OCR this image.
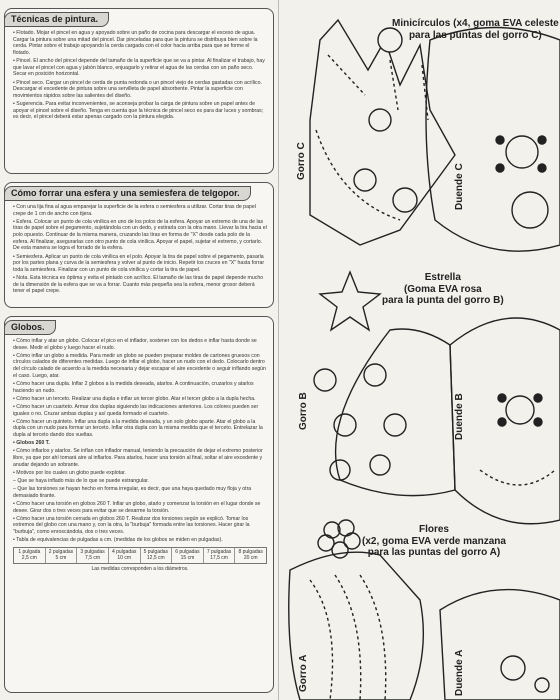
Técnicas de pintura.

• Flotado. Mojar el pincel en agua y apoyado sobre un paño de cocina para descargar el exceso de agua. Cargar la pintura sobre una mitad del pincel. Dar pinceladas para que la pintura se distribuya bien sobre la cerda. Pintar sobre el trabajo apoyando la cerda cargada con el color hacia arriba para que se forme el flotado.

• Pincel. El ancho del pincel depende del tamaño de la superficie que se va a pintar. Al finalizar el trabajo, hay que lavar el pincel con agua y jabón blanco, enjuagarlo y retirar el agua de las cerdas con un paño seco. Secar en posición horizontal.

• Pincel seco. Cargar un pincel de cerda de punta redonda o un pincel viejo de cerdas gastadas con acrílico. Descargar el excedente de pintura sobre una servilleta de papel absorbente. Pintar la superficie con movimientos rápidos sobre las salientes del diseño.

• Sugerencia. Para evitar inconvenientes, se aconseja probar la carga de pintura sobre un papel antes de apoyar el pincel sobre el diseño. Tenga en cuenta que la técnica de pincel seco es para dar luces y sombras; es decir, el pincel deberá estar apenas cargado con la pintura elegida.

Cómo forrar una esfera y una semiesfera de telgopor.

• Con una lija fina al agua emparejar la superficie de la esfera o semiesfera a utilizar. Cortar tiras de papel crepe de 1 cm de ancho con tijera.

• Esfera. Colocar un punto de cola vinílica en uno de los polos de la esfera. Apoyar un extremo de una de las tiras de papel sobre el pegamento, sujetándola con un dedo, y estirarla con la otra mano. Llevar la tira hacia el polo opuesto. Continuar de la misma manera, cruzando las tiras en forma de "X" desde cada polo de la esfera. Al finalizar, asegurarlas con otro punto de cola vinílica. Apoyar el papel, sujetar el extremo, y cortarlo. De esta manera se logra el forrado de la esfera.

• Semiesfera. Aplicar un punto de cola vinílica en el polo. Apoyar la tira de papel sobre el pegamento, pasarla por los partes plana y curva de la semiesfera y volver al punto de inicio. Repetir los cruces en "X" hasta forrar toda la semiesfera. Finalizar con un punto de cola vinílica y cortar la tira de papel.

• Nota. Esta técnica es óptima y evita el pintado con acrílico. El tamaño de las tiras de papel depende mucho de la dimensión de la esfera que se va a forrar. Cuanto más pequeña sea la esfera, menor grosor deberá tener el papel crepe.

Globos.

• Cómo inflar y atar un globo. Colocar el pico en el inflador, sostener con los dedos e inflar hasta donde se desee. Medir el globo y luego hacer el nudo.

• Cómo inflar un globo a medida. Para medir un globo se pueden preparar moldes de cartones gruesos con círculos calados de diferentes medidas. Luego de inflar el globo, hacer un nudo con el dedo. Colocarlo dentro del círculo calado de acuerdo a la medida necesaria y dejar escapar el aire excedente o seguir inflando según el caso. Luego, atar.

• Cómo hacer una dupla. Inflar 2 globos a la medida deseada, atarlos. A continuación, cruzarlos y atarlos haciendo un nudo.

• Cómo hacer un terceto. Realizar una dupla e inflar un tercer globo. Atar el tercer globo a la dupla hecha.

• Cómo hacer un cuarteto. Armar dos duplas siguiendo las indicaciones anteriores. Los colores pueden ser iguales o no. Cruzar ambas duplas y así queda formado el cuarteto.

• Cómo hacer un quinteto. Inflar una dupla a la medida deseada, y un solo globo aparte. Atar el globo a la dupla con un nudo para formar un terceto. Inflar otra dupla con la misma medida que el terceto. Entrelazar la dupla al terceto dando dos vueltas.

• Globos 260 T.

• Cómo inflarlos y atarlos. Se inflan con inflador manual, teniendo la precaución de dejar el extremo posterior libre, ya que por ahí tomará aire al inflarlos. Para atarlos, hacer una torsión al final, soltar el aire excedente y anudar dejando un sobrante.

• Motivos por los cuales un globo puede explotar.

– Que se haya inflado más de lo que se puede estrangular.

– Que las torsiones se hayan hecho en forma irregular, es decir, que una haya quedado muy floja y otra demasiado tirante.

• Cómo hacer una torsión en globos 260 T. Inflar un globo, atarlo y comenzar la torsión en el lugar donde se desee. Girar dos o tres veces para evitar que se desarme la torsión.

• Cómo hacer una torsión cerrada en globos 260 T. Realizar dos torsiones según se explicó. Tomar los extremos del globo con una mano y, con la otra, la "burbuja" formada entre las torsiones. Hacer girar la "burbuja", como enroscándola, dos o tres veces.

• Tabla de equivalencias de pulgadas a cm. (medidas de los globos se miden en pulgadas).

1 pulgada
2,5 cm
2 pulgadas
5 cm
3 pulgadas
7,5 cm
4 pulgadas
10 cm
5 pulgadas
12,5 cm
6 pulgadas
15 cm
7 pulgadas
17,5 cm
8 pulgadas
20 cm
Las medidas corresponden a los diámetros.
Minicírculos (x4, goma EVA celeste
para las puntas del gorro C)
Estrella
(Goma EVA rosa
para la punta del gorro B)
Flores
(x2, goma EVA verde manzana
para las puntas del gorro A)
Gorro C
Duende C
Gorro B	Duende B
Gorro A	Duende A
